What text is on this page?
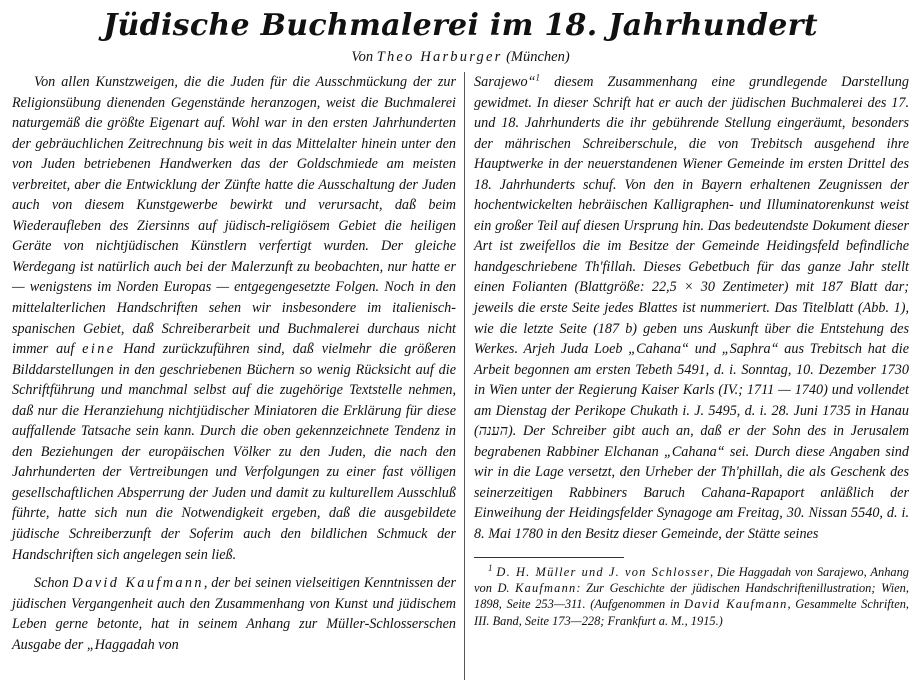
Jüdische Buchmalerei im 18. Jahrhundert

Von Theo Harburger (München)

Von allen Kunstzweigen, die die Juden für die Ausschmückung der zur Religionsübung dienenden Gegenstände heranzogen, weist die Buchmalerei naturgemäß die größte Eigenart auf. Wohl war in den ersten Jahrhunderten der gebräuchlichen Zeitrechnung bis weit in das Mittelalter hinein unter den von Juden betriebenen Handwerken das der Goldschmiede am meisten verbreitet, aber die Entwicklung der Zünfte hatte die Ausschaltung der Juden auch von diesem Kunstgewerbe bewirkt und verursacht, daß beim Wiederaufleben des Ziersinns auf jüdisch-religiösem Gebiet die heiligen Geräte von nichtjüdischen Künstlern verfertigt wurden. Der gleiche Werdegang ist natürlich auch bei der Malerzunft zu beobachten, nur hatte er — wenigstens im Norden Europas — entgegengesetzte Folgen. Noch in den mittelalterlichen Handschriften sehen wir insbesondere im italienisch-spanischen Gebiet, daß Schreiberarbeit und Buchmalerei durchaus nicht immer auf eine Hand zurückzuführen sind, daß vielmehr die größeren Bilddarstellungen in den geschriebenen Büchern so wenig Rücksicht auf die Schriftführung und manchmal selbst auf die zugehörige Textstelle nehmen, daß nur die Heranziehung nichtjüdischer Miniatoren die Erklärung für diese auffallende Tatsache sein kann. Durch die oben gekennzeichnete Tendenz in den Beziehungen der europäischen Völker zu den Juden, die nach den Jahrhunderten der Vertreibungen und Verfolgungen zu einer fast völligen gesellschaftlichen Absperrung der Juden und damit zu kulturellem Ausschluß führte, hatte sich nun die Notwendigkeit ergeben, daß die ausgebildete jüdische Schreiberzunft der Soferim auch den bildlichen Schmuck der Handschriften sich angelegen sein ließ.

Schon David Kaufmann, der bei seinen vielseitigen Kenntnissen der jüdischen Vergangenheit auch den Zusammenhang von Kunst und jüdischem Leben gerne betonte, hat in seinem Anhang zur Müller-Schlosserschen Ausgabe der „Haggadah von

Sarajewo“$^1$ diesem Zusammenhang eine grundlegende Darstellung gewidmet. In dieser Schrift hat er auch der jüdischen Buchmalerei des 17. und 18. Jahrhunderts die ihr gebührende Stellung eingeräumt, besonders der mährischen Schreiberschule, die von Trebitsch ausgehend ihre Hauptwerke in der neuerstandenen Wiener Gemeinde im ersten Drittel des 18. Jahrhunderts schuf. Von den in Bayern erhaltenen Zeugnissen der hochentwickelten hebräischen Kalligraphen- und Illuminatorenkunst weist ein großer Teil auf diesen Ursprung hin. Das bedeutendste Dokument dieser Art ist zweifellos die im Besitze der Gemeinde Heidingsfeld befindliche handgeschriebene Th'fillah. Dieses Gebetbuch für das ganze Jahr stellt einen Folianten (Blattgröße: 22,5 × 30 Zentimeter) mit 187 Blatt dar; jeweils die erste Seite jedes Blattes ist nummeriert. Das Titelblatt (Abb. 1), wie die letzte Seite (187 b) geben uns Auskunft über die Entstehung des Werkes. Arjeh Juda Loeb „Cahana“ und „Saphra“ aus Trebitsch hat die Arbeit begonnen am ersten Tebeth 5491, d. i. Sonntag, 10. Dezember 1730 in Wien unter der Regierung Kaiser Karls (IV.; 1711 — 1740) und vollendet am Dienstag der Perikope Chukath i. J. 5495, d. i. 28. Juni 1735 in Hanau (הענה). Der Schreiber gibt auch an, daß er der Sohn des in Jerusalem begrabenen Rabbiner Elchanan „Cahana“ sei. Durch diese Angaben sind wir in die Lage versetzt, den Urheber der Th'phillah, die als Geschenk des seinerzeitigen Rabbiners Baruch Cahana-Rapaport anläßlich der Einweihung der Heidingsfelder Synagoge am Freitag, 30. Nissan 5540, d. i. 8. Mai 1780 in den Besitz dieser Gemeinde, der Stätte seines

$^1$ D. H. Müller und J. von Schlosser, Die Haggadah von Sarajewo, Anhang von D. Kaufmann: Zur Geschichte der jüdischen Handschriftenillustration; Wien, 1898, Seite 253—311. (Aufgenommen in David Kaufmann, Gesammelte Schriften, III. Band, Seite 173—228; Frankfurt a. M., 1915.)
